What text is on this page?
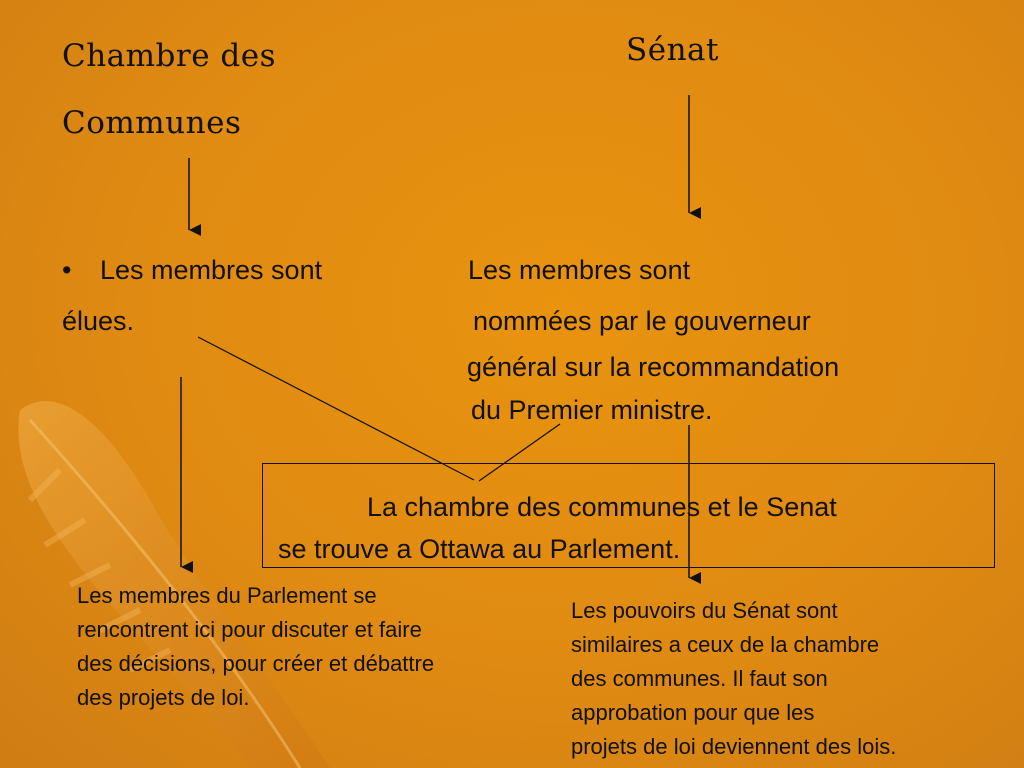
Chambre des
Communes
Sénat
• Les membres sont
élues.
Les membres sont
nommées par le gouverneur
général sur la recommandation
du Premier ministre.
La chambre des communes et le Senat
se trouve a Ottawa au Parlement.
Les membres du Parlement se
rencontrent ici pour discuter et faire
des décisions, pour créer et débattre
des projets de loi.
Les pouvoirs du Sénat sont
similaires a ceux de la chambre
des communes. Il faut son
approbation pour que les
projets de loi deviennent des lois.
